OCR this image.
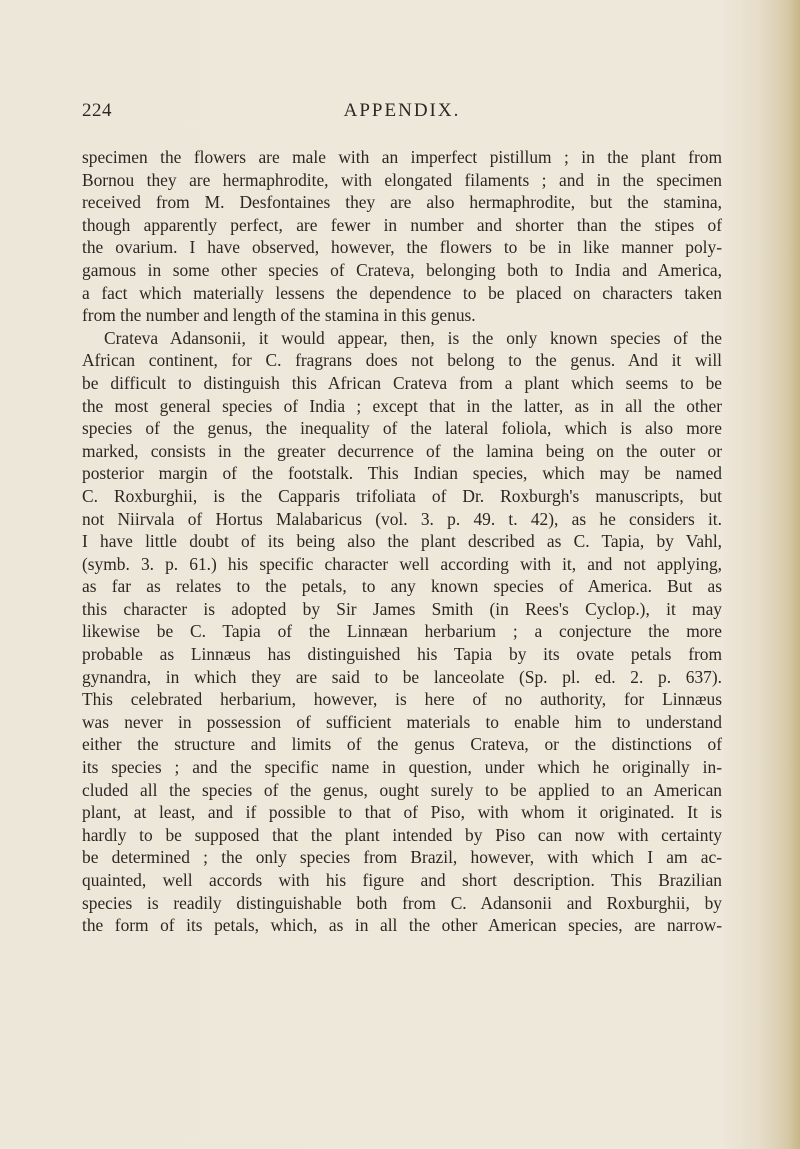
224	APPENDIX.
specimen the flowers are male with an imperfect pistillum ; in the plant from
Bornou they are hermaphrodite, with elongated filaments ; and in the specimen
received from M. Desfontaines they are also hermaphrodite, but the stamina,
though apparently perfect, are fewer in number and shorter than the stipes of
the ovarium. I have observed, however, the flowers to be in like manner poly-
gamous in some other species of Crateva, belonging both to India and America,
a fact which materially lessens the dependence to be placed on characters taken
from the number and length of the stamina in this genus.
Crateva Adansonii, it would appear, then, is the only known species of the
African continent, for C. fragrans does not belong to the genus. And it will
be difficult to distinguish this African Crateva from a plant which seems to be
the most general species of India ; except that in the latter, as in all the other
species of the genus, the inequality of the lateral foliola, which is also more
marked, consists in the greater decurrence of the lamina being on the outer or
posterior margin of the footstalk. This Indian species, which may be named
C. Roxburghii, is the Capparis trifoliata of Dr. Roxburgh's manuscripts, but
not Niirvala of Hortus Malabaricus (vol. 3. p. 49. t. 42), as he considers it.
I have little doubt of its being also the plant described as C. Tapia, by Vahl,
(symb. 3. p. 61.) his specific character well according with it, and not applying,
as far as relates to the petals, to any known species of America. But as
this character is adopted by Sir James Smith (in Rees's Cyclop.), it may
likewise be C. Tapia of the Linnæan herbarium ; a conjecture the more
probable as Linnæus has distinguished his Tapia by its ovate petals from
gynandra, in which they are said to be lanceolate (Sp. pl. ed. 2. p. 637).
This celebrated herbarium, however, is here of no authority, for Linnæus
was never in possession of sufficient materials to enable him to understand
either the structure and limits of the genus Crateva, or the distinctions of
its species ; and the specific name in question, under which he originally in-
cluded all the species of the genus, ought surely to be applied to an American
plant, at least, and if possible to that of Piso, with whom it originated. It is
hardly to be supposed that the plant intended by Piso can now with certainty
be determined ; the only species from Brazil, however, with which I am ac-
quainted, well accords with his figure and short description. This Brazilian
species is readily distinguishable both from C. Adansonii and Roxburghii, by
the form of its petals, which, as in all the other American species, are narrow-
